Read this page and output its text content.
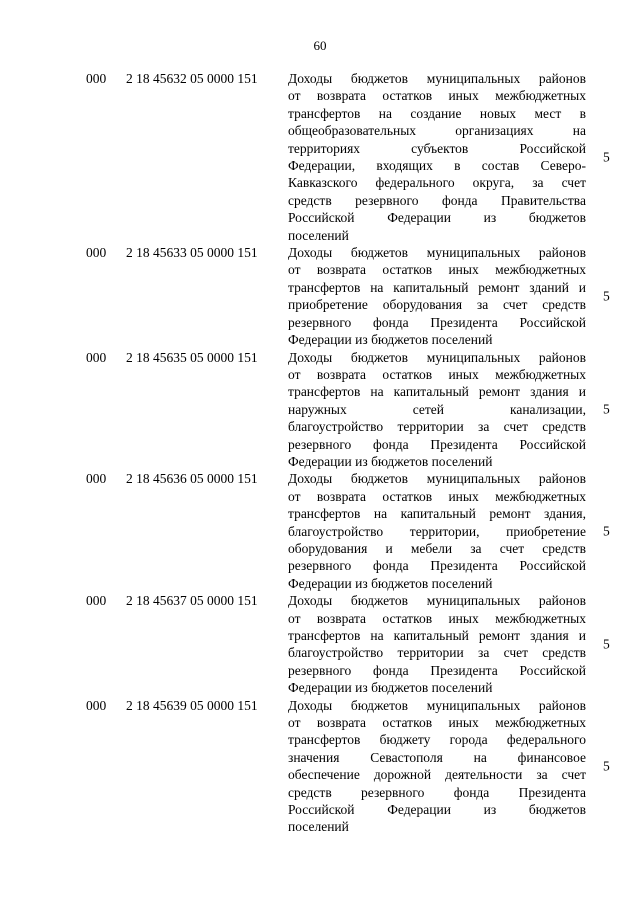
60
000 2 18 45632 05 0000 151 Доходы бюджетов муниципальных районов
от возврата остатков иных межбюджетных
трансфертов на создание новых мест в
общеобразовательных организациях на
территориях субъектов Российской
Федерации, входящих в состав Северо-
Кавказского федерального округа, за счет
средств резервного фонда Правительства
Российской Федерации из бюджетов
поселений
5
000 2 18 45633 05 0000 151 Доходы бюджетов муниципальных районов
от возврата остатков иных межбюджетных
трансфертов на капитальный ремонт зданий и
приобретение оборудования за счет средств
резервного фонда Президента Российской
Федерации из бюджетов поселений
5
000 2 18 45635 05 0000 151 Доходы бюджетов муниципальных районов
от возврата остатков иных межбюджетных
трансфертов на капитальный ремонт здания и
наружных сетей канализации,
благоустройство территории за счет средств
резервного фонда Президента Российской
Федерации из бюджетов поселений
5
000 2 18 45636 05 0000 151 Доходы бюджетов муниципальных районов
от возврата остатков иных межбюджетных
трансфертов на капитальный ремонт здания,
благоустройство территории, приобретение
оборудования и мебели за счет средств
резервного фонда Президента Российской
Федерации из бюджетов поселений
5
000 2 18 45637 05 0000 151 Доходы бюджетов муниципальных районов
от возврата остатков иных межбюджетных
трансфертов на капитальный ремонт здания и
благоустройство территории за счет средств
резервного фонда Президента Российской
Федерации из бюджетов поселений
5
000 2 18 45639 05 0000 151 Доходы бюджетов муниципальных районов
от возврата остатков иных межбюджетных
трансфертов бюджету города федерального
значения Севастополя на финансовое
обеспечение дорожной деятельности за счет
средств резервного фонда Президента
Российской Федерации из бюджетов
поселений
5
